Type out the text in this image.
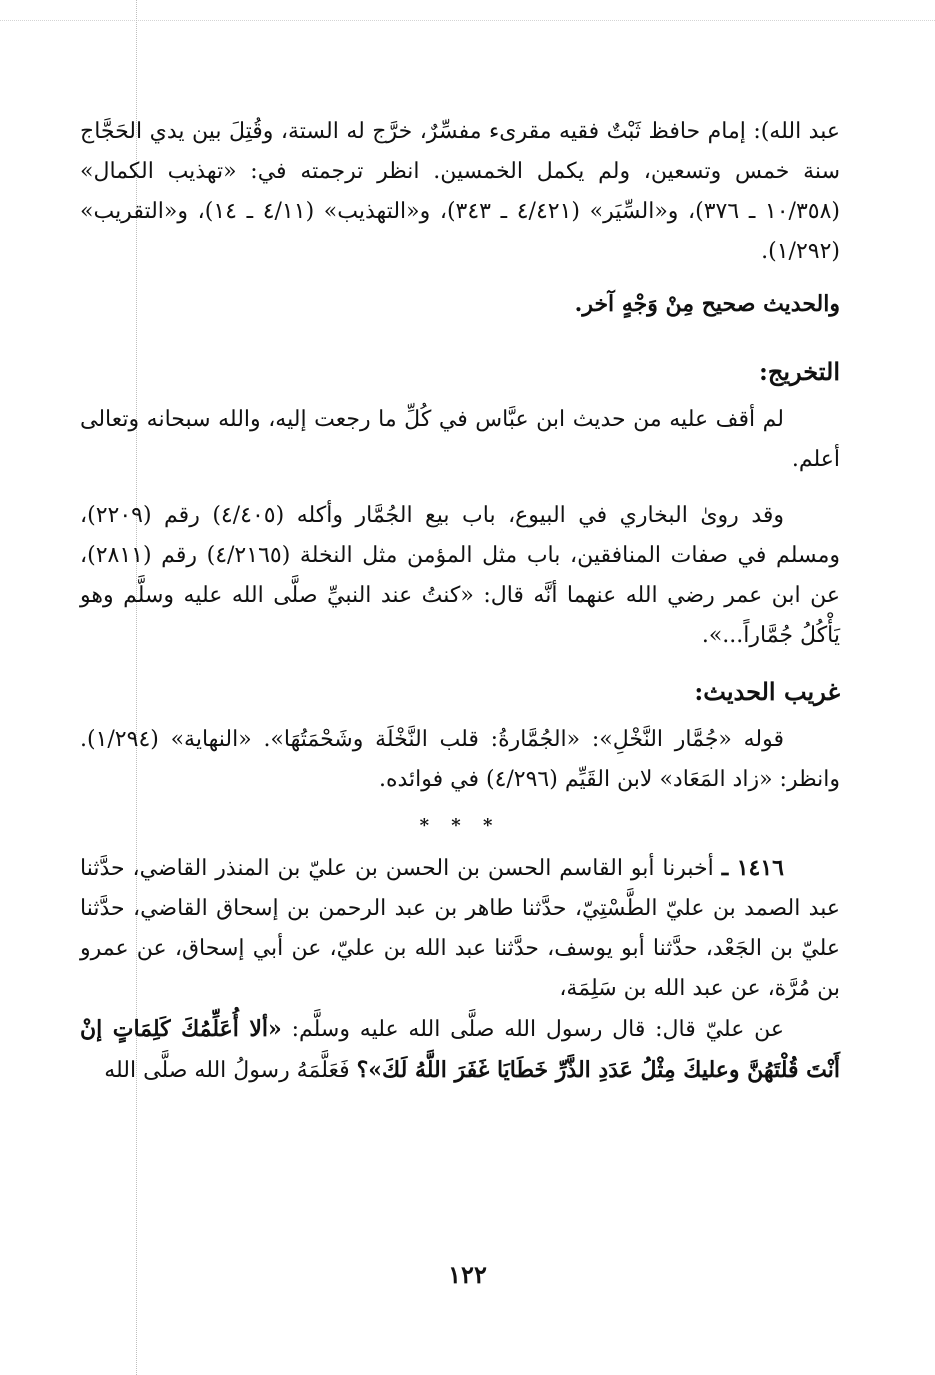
عبد الله): إمام حافظ ثَبْتٌ فقيه مقرىء مفسِّرٌ، خرَّج له الستة، وقُتِلَ بين يدي الحَجَّاج سنة خمس وتسعين، ولم يكمل الخمسين. انظر ترجمته في: «تهذيب الكمال» (١٠/٣٥٨ ـ ٣٧٦)، و«السِّيَر» (٤/٤٢١ ـ ٣٤٣)، و«التهذيب» (٤/١١ ـ ١٤)، و«التقريب» (١/٢٩٢).

والحديث صحيح مِنْ وَجْهٍ آخر.

التخريج:

لم أقف عليه من حديث ابن عبَّاس في كُلِّ ما رجعت إليه، والله سبحانه وتعالى أعلم.

وقد روىٰ البخاري في البيوع، باب بيع الجُمَّار وأكله (٤/٤٠٥) رقم (٢٢٠٩)، ومسلم في صفات المنافقين، باب مثل المؤمن مثل النخلة (٤/٢١٦٥) رقم (٢٨١١)، عن ابن عمر رضي الله عنهما أنَّه قال: «كنتُ عند النبيِّ صلَّى الله عليه وسلَّم وهو يَأْكُلُ جُمَّاراً...».

غريب الحديث:

قوله «جُمَّار النَّخْلِ»: «الجُمَّارةُ: قلب النَّخْلَة وشَحْمَتُهَا». «النهاية» (١/٢٩٤). وانظر: «زاد المَعَاد» لابن القَيِّم (٤/٢٩٦) في فوائده.

* * *

١٤١٦ ـ أخبرنا أبو القاسم الحسن بن الحسن بن عليّ بن المنذر القاضي، حدَّثنا عبد الصمد بن عليّ الطَّسْتِيّ، حدَّثنا طاهر بن عبد الرحمن بن إسحاق القاضي، حدَّثنا عليّ بن الجَعْد، حدَّثنا أبو يوسف، حدَّثنا عبد الله بن عليّ، عن أبي إسحاق، عن عمرو بن مُرَّة، عن عبد الله بن سَلِمَة،

عن عليّ قال: قال رسول الله صلَّى الله عليه وسلَّم: «ألا أُعَلِّمُكَ كَلِمَاتٍ إنْ أَنْتَ قُلْتَهُنَّ وعليكَ مِثْلُ عَدَدِ الذَّرِّ خَطَايَا غَفَرَ اللَّهُ لَكَ»؟ فَعَلَّمَهُ رسولُ الله صلَّى الله

١٢٢
